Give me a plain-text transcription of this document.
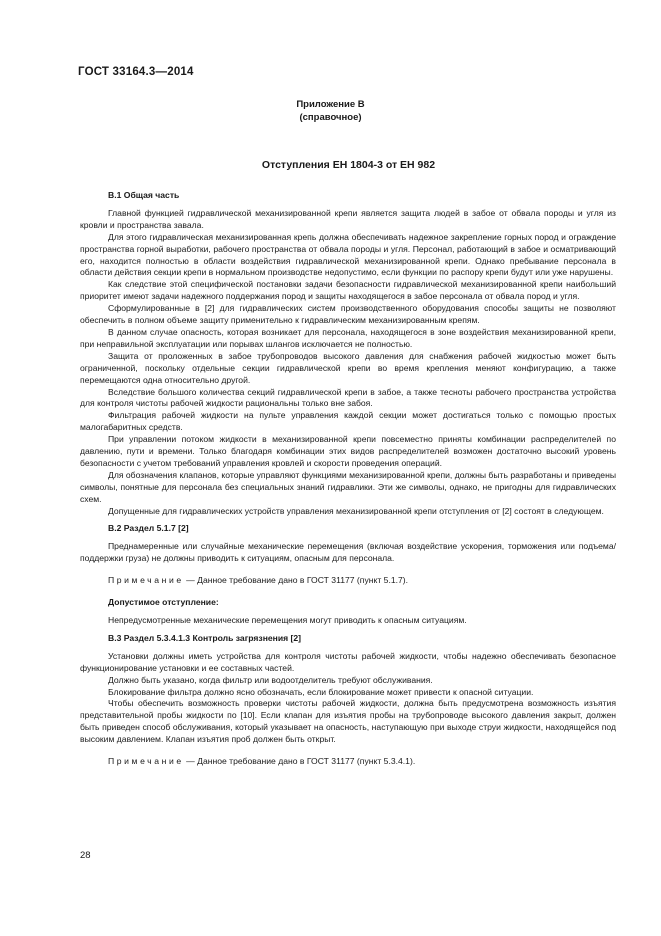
ГОСТ 33164.3—2014
Приложение В
(справочное)
Отступления ЕН 1804-3 от ЕН 982
В.1 Общая часть

Главной функцией гидравлической механизированной крепи является защита людей в забое от обвала породы и угля из кровли и пространства завала.

Для этого гидравлическая механизированная крепь должна обеспечивать надежное закрепление горных пород и ограждение пространства горной выработки, рабочего пространства от обвала породы и угля. Персонал, работающий в забое и осматривающий его, находится полностью в области воздействия гидравлической механизированной крепи. Однако пребывание персонала в области действия секции крепи в нормальном производстве недопустимо, если функции по распору крепи будут или уже нарушены.

Как следствие этой специфической постановки задачи безопасности гидравлической механизированной крепи наибольший приоритет имеют задачи надежного поддержания пород и защиты находящегося в забое персонала от обвала пород и угля.

Сформулированные в [2] для гидравлических систем производственного оборудования способы защиты не позволяют обеспечить в полном объеме защиту применительно к гидравлическим механизированным крепям.

В данном случае опасность, которая возникает для персонала, находящегося в зоне воздействия механизированной крепи, при неправильной эксплуатации или порывах шлангов исключается не полностью.

Защита от проложенных в забое трубопроводов высокого давления для снабжения рабочей жидкостью может быть ограниченной, поскольку отдельные секции гидравлической крепи во время крепления меняют конфигурацию, а также перемещаются одна относительно другой.

Вследствие большого количества секций гидравлической крепи в забое, а также тесноты рабочего пространства устройства для контроля чистоты рабочей жидкости рациональны только вне забоя.

Фильтрация рабочей жидкости на пульте управления каждой секции может достигаться только с помощью простых малогабаритных средств.

При управлении потоком жидкости в механизированной крепи повсеместно приняты комбинации распределителей по давлению, пути и времени. Только благодаря комбинации этих видов распределителей возможен достаточно высокий уровень безопасности с учетом требований управления кровлей и скорости проведения операций.

Для обозначения клапанов, которые управляют функциями механизированной крепи, должны быть разработаны и приведены символы, понятные для персонала без специальных знаний гидравлики. Эти же символы, однако, не пригодны для гидравлических схем.

Допущенные для гидравлических устройств управления механизированной крепи отступления от [2] состоят в следующем.

В.2 Раздел 5.1.7 [2]

Преднамеренные или случайные механические перемещения (включая воздействие ускорения, торможения или подъема/поддержки груза) не должны приводить к ситуациям, опасным для персонала.

Примечание — Данное требование дано в ГОСТ 31177 (пункт 5.1.7).

Допустимое отступление:

Непредусмотренные механические перемещения могут приводить к опасным ситуациям.

В.3 Раздел 5.3.4.1.3 Контроль загрязнения [2]

Установки должны иметь устройства для контроля чистоты рабочей жидкости, чтобы надежно обеспечивать безопасное функционирование установки и ее составных частей.

Должно быть указано, когда фильтр или водоотделитель требуют обслуживания.

Блокирование фильтра должно ясно обозначать, если блокирование может привести к опасной ситуации.

Чтобы обеспечить возможность проверки чистоты рабочей жидкости, должна быть предусмотрена возможность изъятия представительной пробы жидкости по [10]. Если клапан для изъятия пробы на трубопроводе высокого давления закрыт, должен быть приведен способ обслуживания, который указывает на опасность, наступающую при выходе струи жидкости, находящейся под высоким давлением. Клапан изъятия проб должен быть открыт.

Примечание — Данное требование дано в ГОСТ 31177 (пункт 5.3.4.1).

28
